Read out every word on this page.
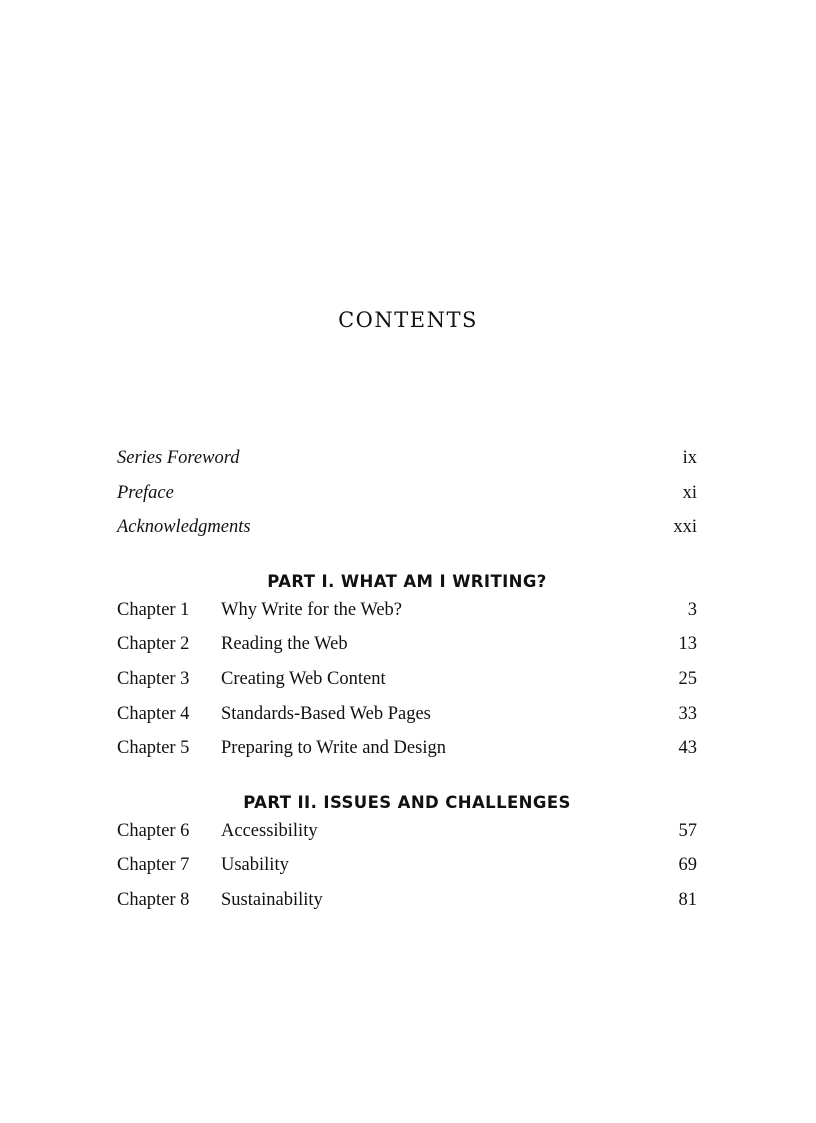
contents
Series Foreword	ix
Preface	xi
Acknowledgments	xxi
PART I. WHAT AM I WRITING?
Chapter 1	Why Write for the Web?	3
Chapter 2	Reading the Web	13
Chapter 3	Creating Web Content	25
Chapter 4	Standards-Based Web Pages	33
Chapter 5	Preparing to Write and Design	43
PART II. ISSUES AND CHALLENGES
Chapter 6	Accessibility	57
Chapter 7	Usability	69
Chapter 8	Sustainability	81
